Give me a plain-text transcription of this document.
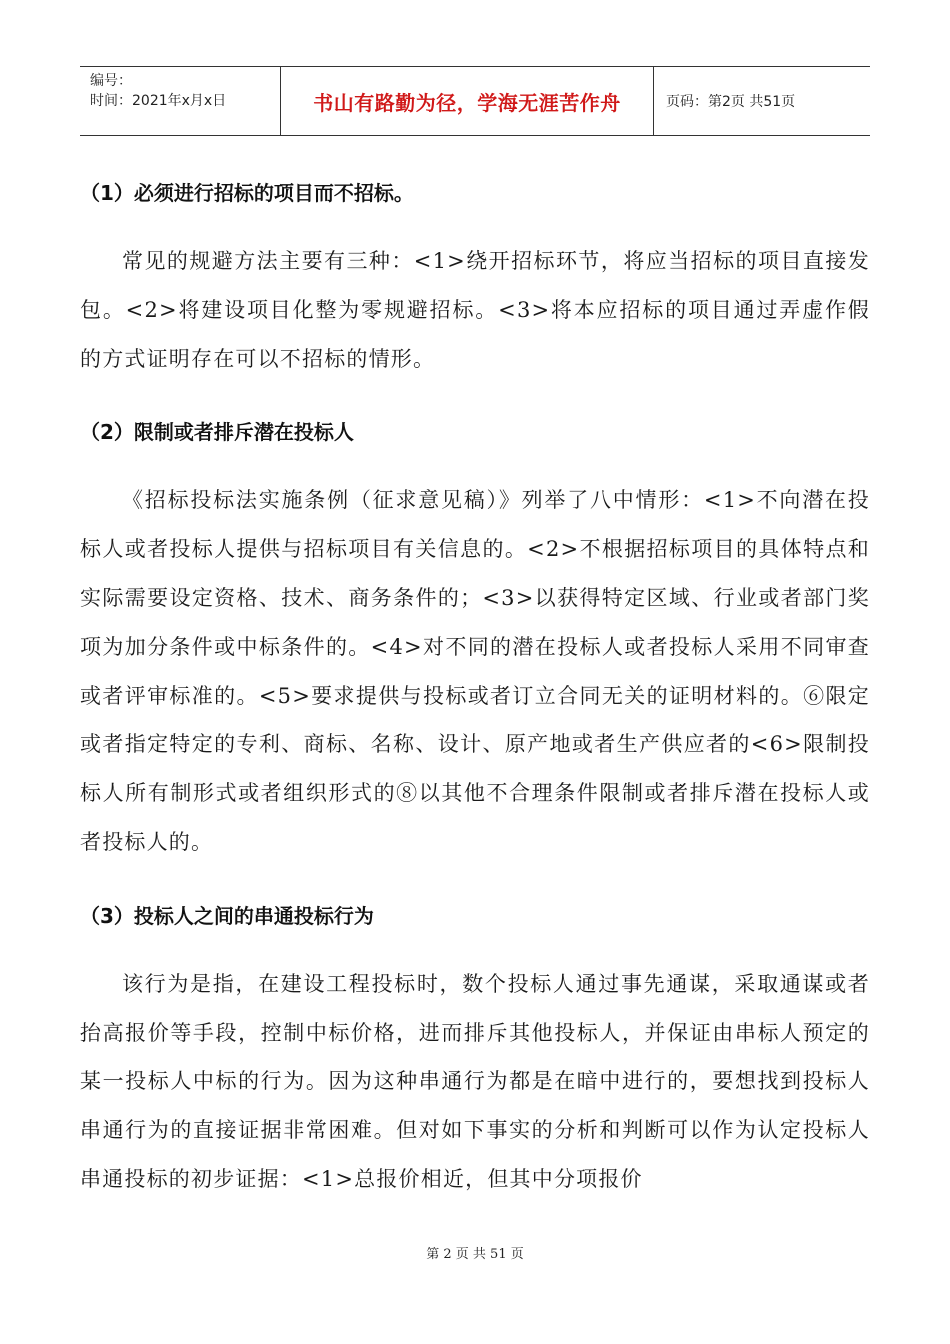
编号：
时间：2021年x月x日	书山有路勤为径，学海无涯苦作舟	页码：第2页 共51页
（1）必须进行招标的项目而不招标。

常见的规避方法主要有三种：<1>绕开招标环节，将应当招标的项目直接发包。<2>将建设项目化整为零规避招标。<3>将本应招标的项目通过弄虚作假的方式证明存在可以不招标的情形。

（2）限制或者排斥潜在投标人

《招标投标法实施条例（征求意见稿）》列举了八中情形：<1>不向潜在投标人或者投标人提供与招标项目有关信息的。<2>不根据招标项目的具体特点和实际需要设定资格、技术、商务条件的；<3>以获得特定区域、行业或者部门奖项为加分条件或中标条件的。<4>对不同的潜在投标人或者投标人采用不同审查或者评审标准的。<5>要求提供与投标或者订立合同无关的证明材料的。⑥限定或者指定特定的专利、商标、名称、设计、原产地或者生产供应者的<6>限制投标人所有制形式或者组织形式的⑧以其他不合理条件限制或者排斥潜在投标人或者投标人的。

（3）投标人之间的串通投标行为

该行为是指，在建设工程投标时，数个投标人通过事先通谋，采取通谋或者抬高报价等手段，控制中标价格，进而排斥其他投标人，并保证由串标人预定的某一投标人中标的行为。因为这种串通行为都是在暗中进行的，要想找到投标人串通行为的直接证据非常困难。但对如下事实的分析和判断可以作为认定投标人串通投标的初步证据：<1>总报价相近，但其中分项报价

第 2 页 共 51 页
